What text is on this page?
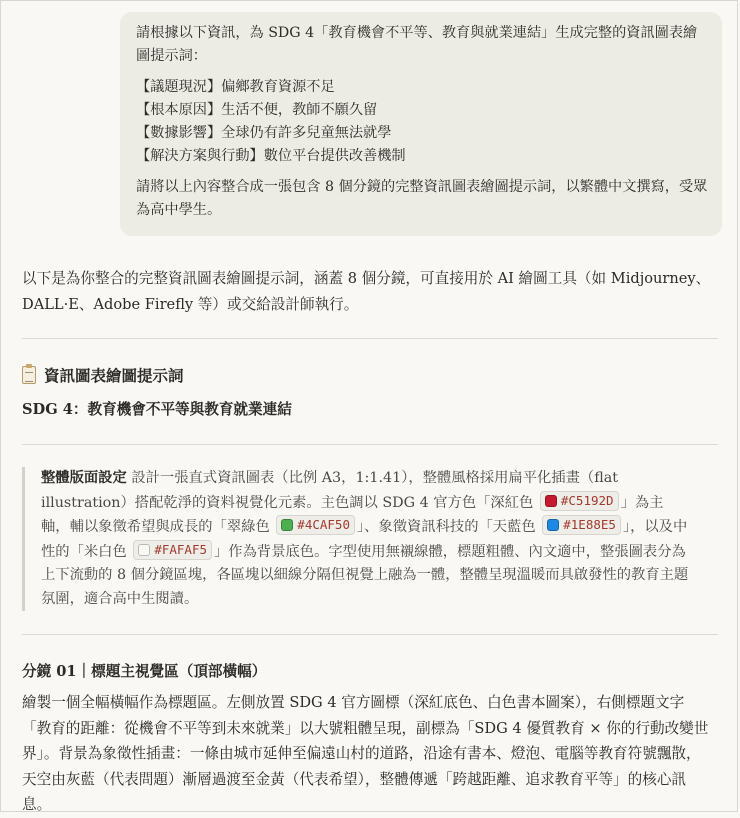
請根據以下資訊，為 SDG 4「教育機會不平等、教育與就業連結」生成完整的資訊圖表繪圖提示詞：

【議題現況】偏鄉教育資源不足

【根本原因】生活不便，教師不願久留

【數據影響】全球仍有許多兒童無法就學

【解決方案與行動】數位平台提供改善機制

請將以上內容整合成一張包含 8 個分鏡的完整資訊圖表繪圖提示詞，以繁體中文撰寫，受眾為高中學生。

以下是為你整合的完整資訊圖表繪圖提示詞，涵蓋 8 個分鏡，可直接用於 AI 繪圖工具（如 Midjourney、DALL·E、Adobe Firefly 等）或交給設計師執行。

資訊圖表繪圖提示詞
SDG 4：教育機會不平等與教育就業連結
整體版面設定 設計一張直式資訊圖表（比例 A3，1:1.41），整體風格採用扁平化插畫（flat illustration）搭配乾淨的資料視覺化元素。主色調以 SDG 4 官方色「深紅色 #C5192D 」為主軸，輔以象徵希望與成長的「翠綠色 #4CAF50 」、象徵資訊科技的「天藍色 #1E88E5 」，以及中性的「米白色 #FAFAF5 」作為背景底色。字型使用無襯線體，標題粗體、內文適中，整張圖表分為上下流動的 8 個分鏡區塊，各區塊以細線分隔但視覺上融為一體，整體呈現溫暖而具啟發性的教育主題氛圍，適合高中生閱讀。
分鏡 01｜標題主視覺區（頂部橫幅）

繪製一個全幅橫幅作為標題區。左側放置 SDG 4 官方圖標（深紅底色、白色書本圖案），右側標題文字「教育的距離：從機會不平等到未來就業」以大號粗體呈現，副標為「SDG 4 優質教育 × 你的行動改變世界」。背景為象徵性插畫：一條由城市延伸至偏遠山村的道路，沿途有書本、燈泡、電腦等教育符號飄散，天空由灰藍（代表問題）漸層過渡至金黃（代表希望），整體傳遞「跨越距離、追求教育平等」的核心訊息。
